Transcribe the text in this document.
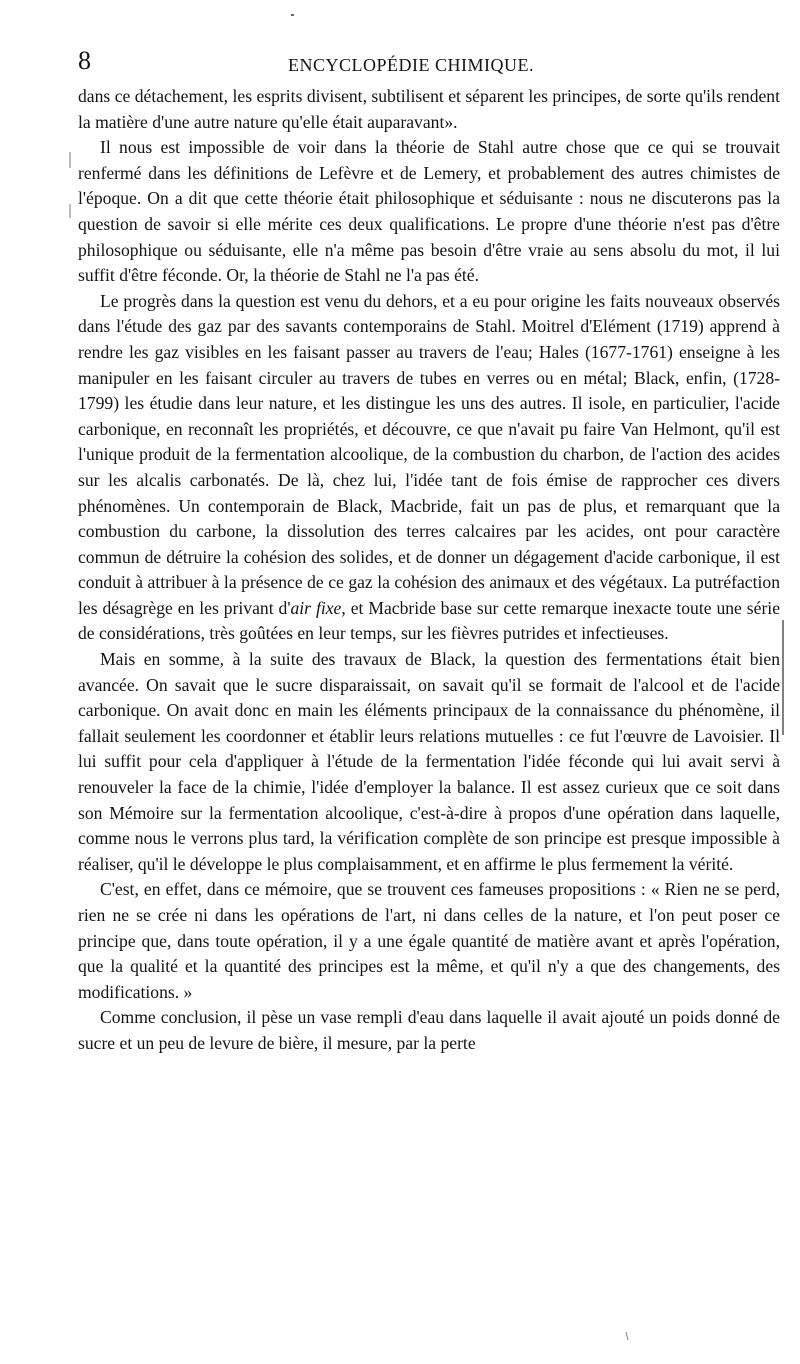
8	ENCYCLOPÉDIE CHIMIQUE.

dans ce détachement, les esprits divisent, subtilisent et séparent les principes, de sorte qu'ils rendent la matière d'une autre nature qu'elle était auparavant».

Il nous est impossible de voir dans la théorie de Stahl autre chose que ce qui se trouvait renfermé dans les définitions de Lefèvre et de Lemery, et probablement des autres chimistes de l'époque. On a dit que cette théorie était philosophique et séduisante : nous ne discuterons pas la question de savoir si elle mérite ces deux qualifications. Le propre d'une théorie n'est pas d'être philosophique ou séduisante, elle n'a même pas besoin d'être vraie au sens absolu du mot, il lui suffit d'être féconde. Or, la théorie de Stahl ne l'a pas été.

Le progrès dans la question est venu du dehors, et a eu pour origine les faits nouveaux observés dans l'étude des gaz par des savants contemporains de Stahl. Moitrel d'Elément (1719) apprend à rendre les gaz visibles en les faisant passer au travers de l'eau; Hales (1677-1761) enseigne à les manipuler en les faisant circuler au travers de tubes en verres ou en métal; Black, enfin, (1728-1799) les étudie dans leur nature, et les distingue les uns des autres. Il isole, en particulier, l'acide carbonique, en reconnaît les propriétés, et découvre, ce que n'avait pu faire Van Helmont, qu'il est l'unique produit de la fermentation alcoolique, de la combustion du charbon, de l'action des acides sur les alcalis carbonatés. De là, chez lui, l'idée tant de fois émise de rapprocher ces divers phénomènes. Un contemporain de Black, Macbride, fait un pas de plus, et remarquant que la combustion du carbone, la dissolution des terres calcaires par les acides, ont pour caractère commun de détruire la cohésion des solides, et de donner un dégagement d'acide carbonique, il est conduit à attribuer à la présence de ce gaz la cohésion des animaux et des végétaux. La putréfaction les désagrège en les privant d'air fixe, et Macbride base sur cette remarque inexacte toute une série de considérations, très goûtées en leur temps, sur les fièvres putrides et infectieuses.

Mais en somme, à la suite des travaux de Black, la question des fermentations était bien avancée. On savait que le sucre disparaissait, on savait qu'il se formait de l'alcool et de l'acide carbonique. On avait donc en main les éléments principaux de la connaissance du phénomène, il fallait seulement les coordonner et établir leurs relations mutuelles : ce fut l'œuvre de Lavoisier. Il lui suffit pour cela d'appliquer à l'étude de la fermentation l'idée féconde qui lui avait servi à renouveler la face de la chimie, l'idée d'employer la balance. Il est assez curieux que ce soit dans son Mémoire sur la fermentation alcoolique, c'est-à-dire à propos d'une opération dans laquelle, comme nous le verrons plus tard, la vérification complète de son principe est presque impossible à réaliser, qu'il le développe le plus complaisamment, et en affirme le plus fermement la vérité.

C'est, en effet, dans ce mémoire, que se trouvent ces fameuses propositions : « Rien ne se perd, rien ne se crée ni dans les opérations de l'art, ni dans celles de la nature, et l'on peut poser ce principe que, dans toute opération, il y a une égale quantité de matière avant et après l'opération, que la qualité et la quantité des principes est la même, et qu'il n'y a que des changements, des modifications. »

Comme conclusion, il pèse un vase rempli d'eau dans laquelle il avait ajouté un poids donné de sucre et un peu de levure de bière, il mesure, par la perte
